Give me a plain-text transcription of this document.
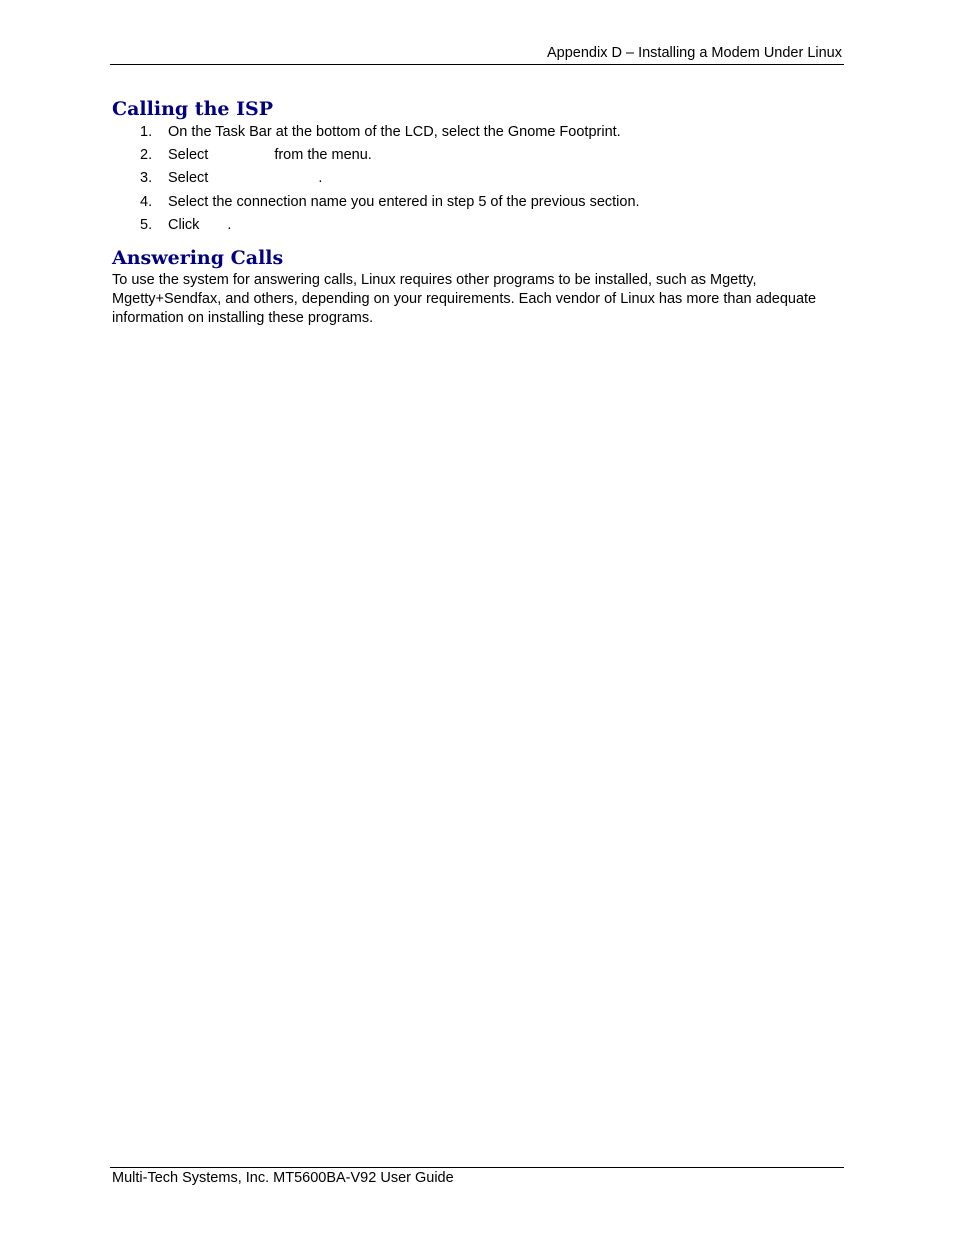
Appendix D – Installing a Modem Under Linux
Calling the ISP
1. On the Task Bar at the bottom of the LCD, select the Gnome Footprint.
2. Select	from the menu.
3. Select	.
4. Select the connection name you entered in step 5 of the previous section.
5. Click .
Answering Calls

To use the system for answering calls, Linux requires other programs to be installed, such as Mgetty, Mgetty+Sendfax, and others, depending on your requirements. Each vendor of Linux has more than adequate information on installing these programs.

Multi-Tech Systems, Inc. MT5600BA-V92 User Guide
